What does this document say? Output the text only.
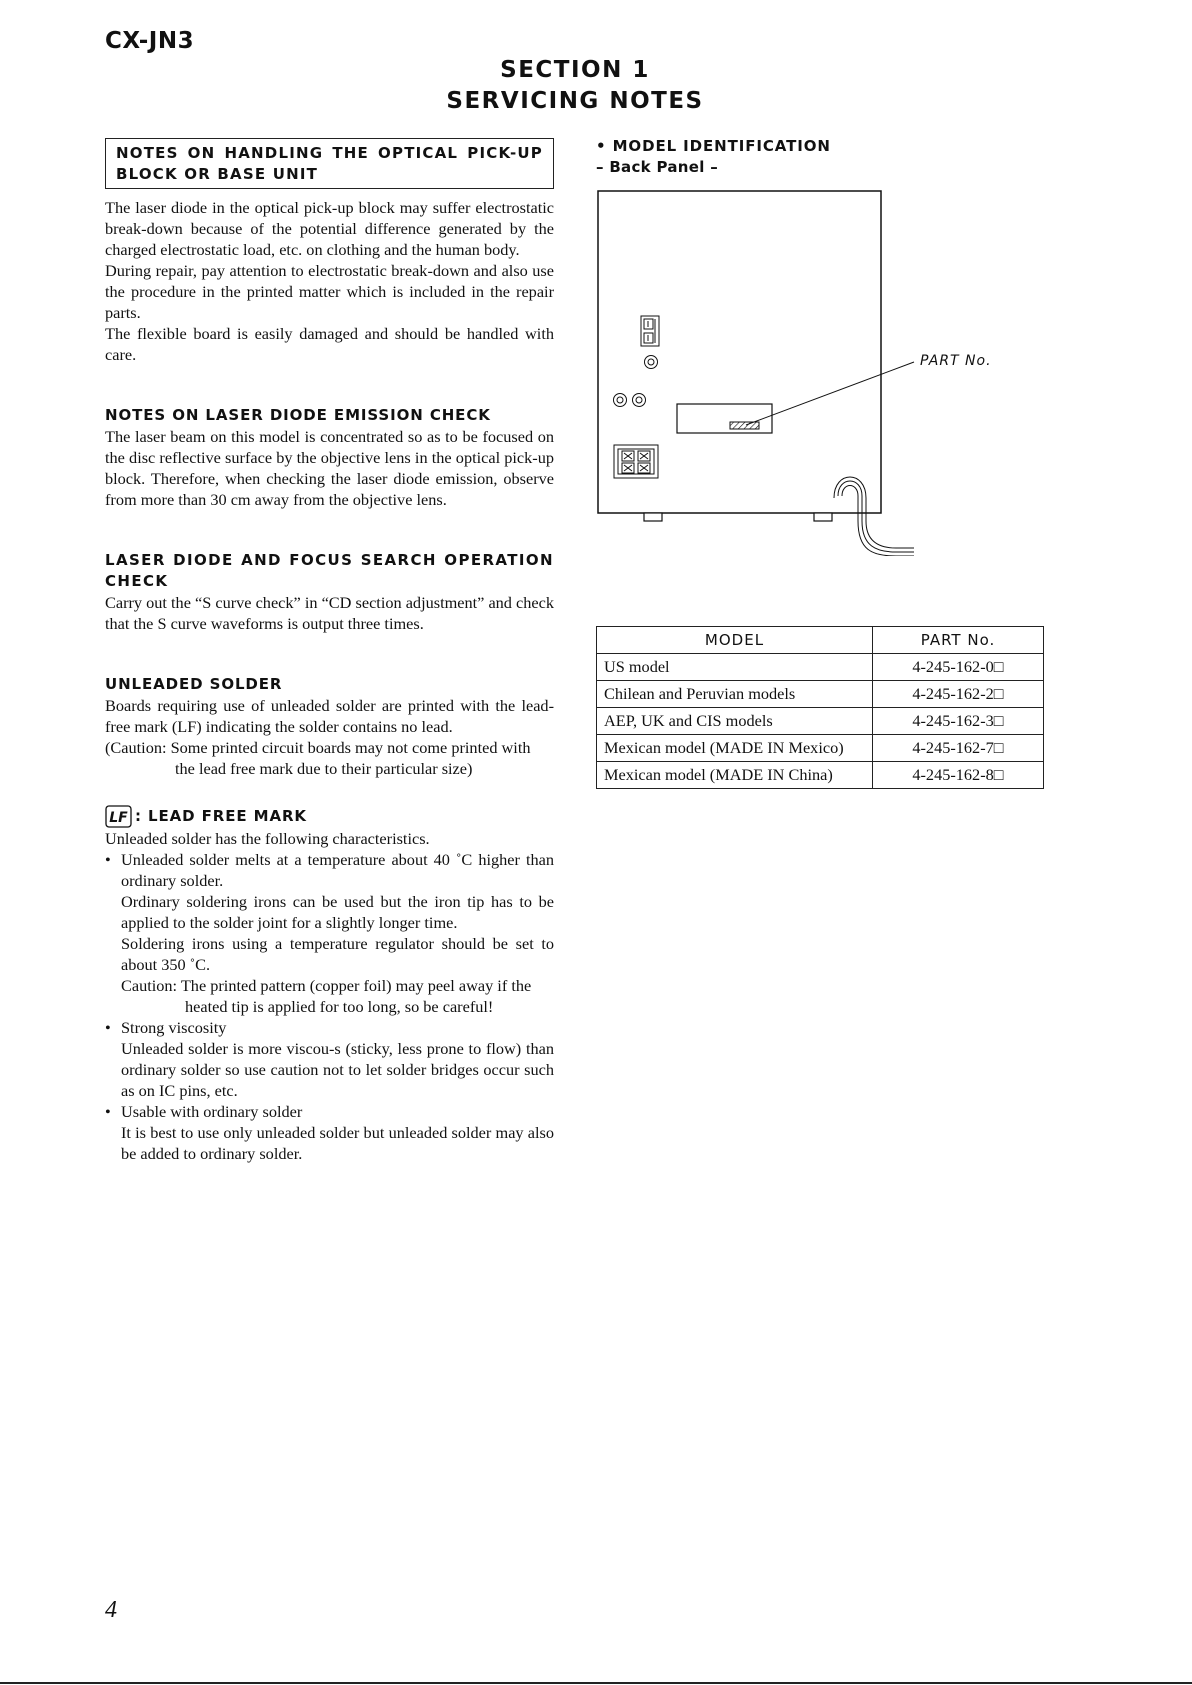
CX-JN3
SECTION 1
SERVICING NOTES
NOTES ON HANDLING THE OPTICAL PICK-UP BLOCK OR BASE UNIT
The laser diode in the optical pick-up block may suffer electrostatic break-down because of the potential difference generated by the charged electrostatic load, etc. on clothing and the human body.
During repair, pay attention to electrostatic break-down and also use the procedure in the printed matter which is included in the repair parts.
The flexible board is easily damaged and should be handled with care.
NOTES ON LASER DIODE EMISSION CHECK
The laser beam on this model is concentrated so as to be focused on the disc reflective surface by the objective lens in the optical pick-up block. Therefore, when checking the laser diode emission, observe from more than 30 cm away from the objective lens.
LASER DIODE AND FOCUS SEARCH OPERATION CHECK
Carry out the “S curve check” in “CD section adjustment” and check that the S curve waveforms is output three times.
UNLEADED SOLDER
Boards requiring use of unleaded solder are printed with the lead-free mark (LF) indicating the solder contains no lead.
(Caution: Some printed circuit boards may not come printed with
the lead free mark due to their particular size)
LF : LEAD FREE MARK
Unleaded solder has the following characteristics.
• Unleaded solder melts at a temperature about 40 ˚C higher than ordinary solder.
Ordinary soldering irons can be used but the iron tip has to be applied to the solder joint for a slightly longer time.
Soldering irons using a temperature regulator should be set to about 350 ˚C.
Caution: The printed pattern (copper foil) may peel away if the
heated tip is applied for too long, so be careful!
• Strong viscosity
Unleaded solder is more viscou-s (sticky, less prone to flow) than ordinary solder so use caution not to let solder bridges occur such as on IC pins, etc.
• Usable with ordinary solder
It is best to use only unleaded solder but unleaded solder may also be added to ordinary solder.
• MODEL IDENTIFICATION
– Back Panel –
PART No.
MODEL	PART No.
US model	4-245-162-0□
Chilean and Peruvian models	4-245-162-2□
AEP, UK and CIS models	4-245-162-3□
Mexican model (MADE IN Mexico)	4-245-162-7□
Mexican model (MADE IN China)	4-245-162-8□
4
